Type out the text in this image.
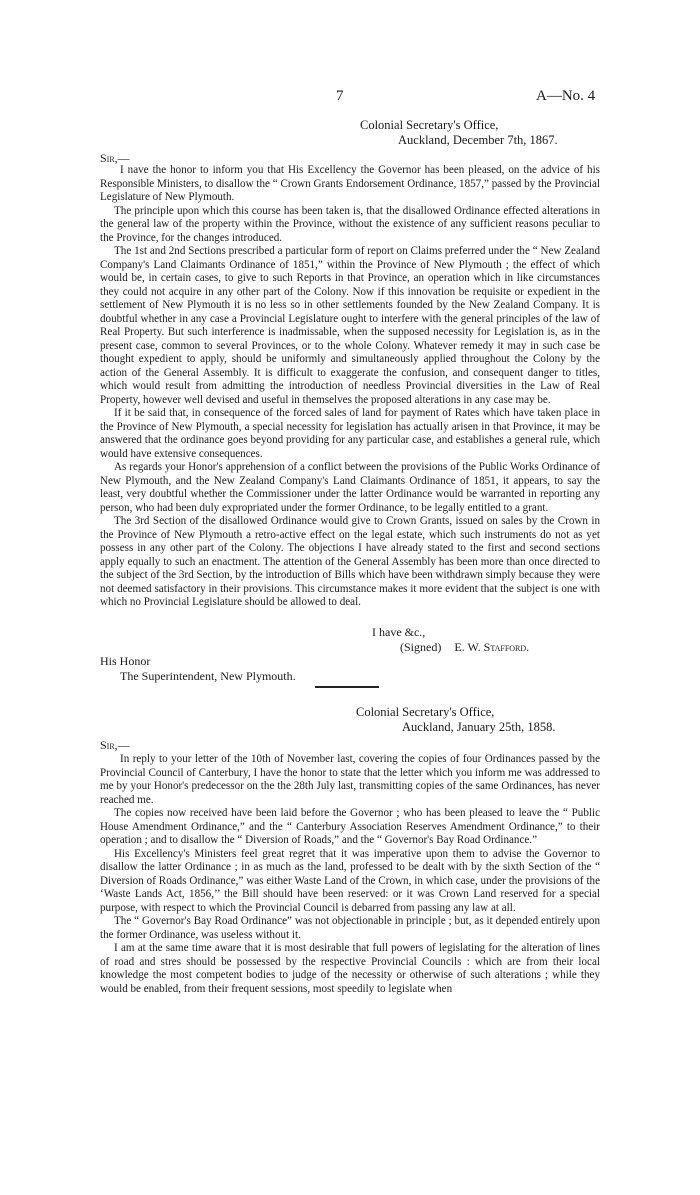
7	A—No. 4
Colonial Secretary's Office,
Auckland, December 7th, 1867.
Sir,—

I nave the honor to inform you that His Excellency the Governor has been pleased, on the advice of his Responsible Ministers, to disallow the “ Crown Grants Endorsement Ordinance, 1857,” passed by the Provincial Legislature of New Plymouth.

The principle upon which this course has been taken is, that the disallowed Ordinance effected alterations in the general law of the property within the Province, without the existence of any sufficient reasons peculiar to the Province, for the changes introduced.

The 1st and 2nd Sections prescribed a particular form of report on Claims preferred under the “ New Zealand Company's Land Claimants Ordinance of 1851,” within the Province of New Plymouth ; the effect of which would be, in certain cases, to give to such Reports in that Province, an operation which in like circumstances they could not acquire in any other part of the Colony. Now if this innovation be requisite or expedient in the settlement of New Plymouth it is no less so in other settlements founded by the New Zealand Company. It is doubtful whether in any case a Provincial Legislature ought to interfere with the general principles of the law of Real Property. But such interference is inadmissable, when the supposed necessity for Legislation is, as in the present case, common to several Provinces, or to the whole Colony. Whatever remedy it may in such case be thought expedient to apply, should be uniformly and simultaneously applied throughout the Colony by the action of the General Assembly. It is difficult to exaggerate the confusion, and consequent danger to titles, which would result from admitting the introduction of needless Provincial diversities in the Law of Real Property, however well devised and useful in themselves the proposed alterations in any case may be.

If it be said that, in consequence of the forced sales of land for payment of Rates which have taken place in the Province of New Plymouth, a special necessity for legislation has actually arisen in that Province, it may be answered that the ordinance goes beyond providing for any particular case, and establishes a general rule, which would have extensive consequences.

As regards your Honor's apprehension of a conflict between the provisions of the Public Works Ordinance of New Plymouth, and the New Zealand Company's Land Claimants Ordinance of 1851, it appears, to say the least, very doubtful whether the Commissioner under the latter Ordinance would be warranted in reporting any person, who had been duly expropriated under the former Ordinance, to be legally entitled to a grant.

The 3rd Section of the disallowed Ordinance would give to Crown Grants, issued on sales by the Crown in the Province of New Plymouth a retro-active effect on the legal estate, which such instruments do not as yet possess in any other part of the Colony. The objections I have already stated to the first and second sections apply equally to such an enactment. The attention of the General Assembly has been more than once directed to the subject of the 3rd Section, by the introduction of Bills which have been withdrawn simply because they were not deemed satisfactory in their provisions. This circumstance makes it more evident that the subject is one with which no Provincial Legislature should be allowed to deal.

I have &c.,
(Signed) E. W. Stafford.
His Honor
The Superintendent, New Plymouth.
Colonial Secretary's Office,
Auckland, January 25th, 1858.
Sir,—

In reply to your letter of the 10th of November last, covering the copies of four Ordinances passed by the Provincial Council of Canterbury, I have the honor to state that the letter which you inform me was addressed to me by your Honor's predecessor on the the 28th July last, transmitting copies of the same Ordinances, has never reached me.

The copies now received have been laid before the Governor ; who has been pleased to leave the “ Public House Amendment Ordinance,” and the “ Canterbury Association Reserves Amendment Ordinance,” to their operation ; and to disallow the “ Diversion of Roads,” and the “ Governor's Bay Road Ordinance.”

His Excellency's Ministers feel great regret that it was imperative upon them to advise the Governor to disallow the latter Ordinance ; in as much as the land, professed to be dealt with by the sixth Section of the “ Diversion of Roads Ordinance,” was either Waste Land of the Crown, in which case, under the provisions of the ‘Waste Lands Act, 1856,’’ the Bill should have been reserved: or it was Crown Land reserved for a special purpose, with respect to which the Provincial Council is debarred from passing any law at all.

The “ Governor's Bay Road Ordinance” was not objectionable in principle ; but, as it depended entirely upon the former Ordinance, was useless without it.

I am at the same time aware that it is most desirable that full powers of legislating for the alteration of lines of road and stres should be possessed by the respective Provincial Councils : which are from their local knowledge the most competent bodies to judge of the necessity or otherwise of such alterations ; while they would be enabled, from their frequent sessions, most speedily to legislate when
